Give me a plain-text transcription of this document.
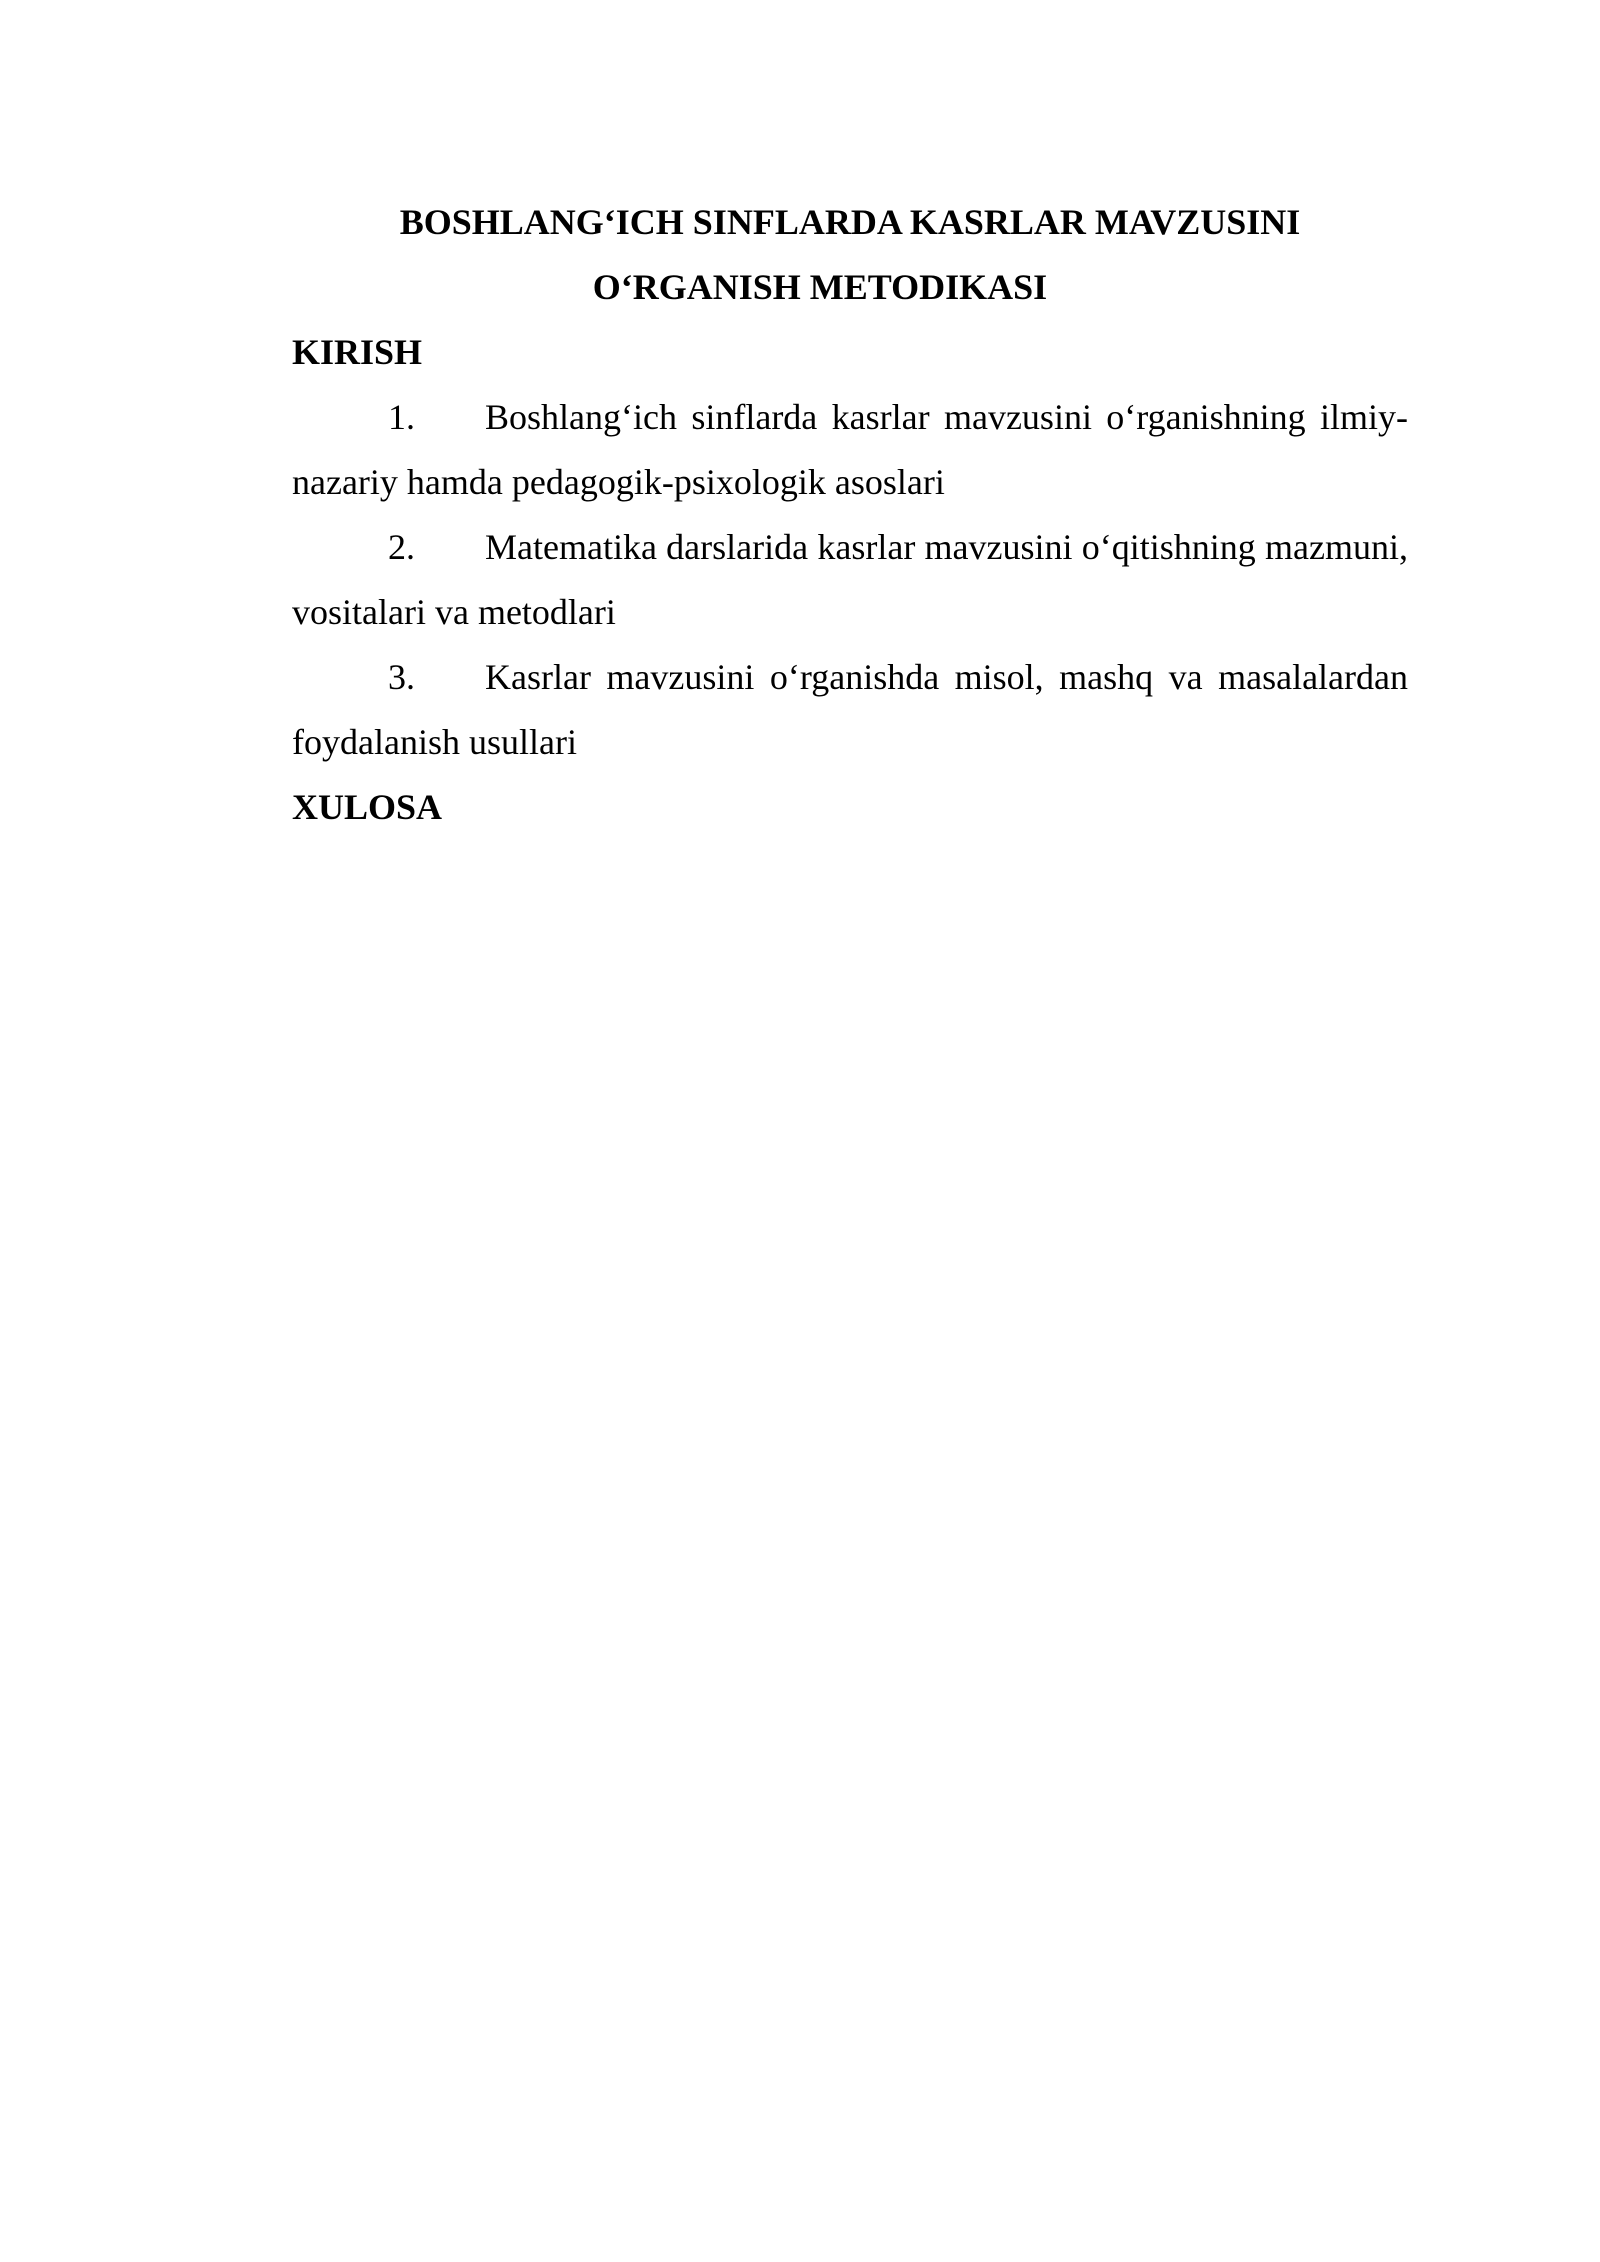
BOSHLANG‘ICH SINFLARDA KASRLAR MAVZUSINI
O‘RGANISH METODIKASI

KIRISH

1. Boshlang‘ich sinflarda kasrlar mavzusini o‘rganishning ilmiy-nazariy hamda pedagogik-psixologik asoslari

2. Matematika darslarida kasrlar mavzusini o‘qitishning mazmuni, vositalari va metodlari

3. Kasrlar mavzusini o‘rganishda misol, mashq va masalalardan foydalanish usullari

XULOSA
